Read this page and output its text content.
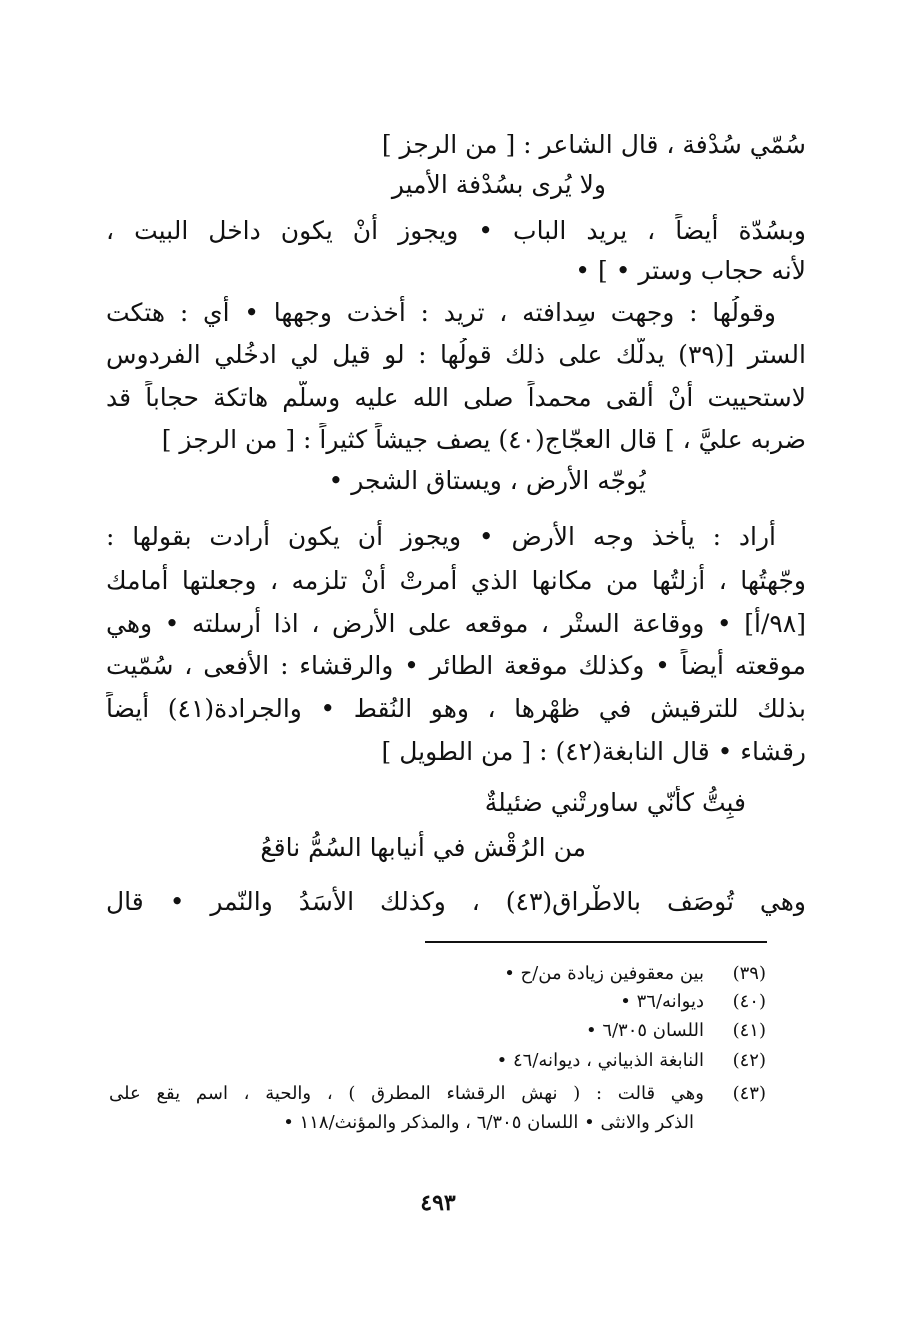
سُمّي سُدْفة ، قال الشاعر : [ من الرجز ]
ولا يُرى بسُدْفة الأمير
وبسُدّة أيضاً ، يريد الباب • ويجوز أنْ يكون داخل البيت ،
لأنه حجاب وستر • ] •
وقولُها : وجهت سِدافته ، تريد : أخذت وجهها • أي : هتكت
الستر [(٣٩) يدلّك على ذلك قولُها : لو قيل لي ادخُلي الفردوس
لاستحييت أنْ ألقى محمداً صلى الله عليه وسلّم هاتكة حجاباً قد
ضربه عليَّ ، ] قال العجّاج(٤٠) يصف جيشاً كثيراً : [ من الرجز ]
يُوجّه الأرض ، ويستاق الشجر •
أراد : يأخذ وجه الأرض • ويجوز أن يكون أرادت بقولها :
وجّهتُها ، أزلتُها من مكانها الذي أُمرتْ أنْ تلزمه ، وجعلتها أمامك
[٩٨/أ] • ووقاعة الستْر ، موقعه على الأرض ، اذا أرسلته • وهي
موقعته أيضاً • وكذلك موقعة الطائر • والرقشاء : الأفعى ، سُمّيت
بذلك للترقيش في ظهْرها ، وهو النُقط • والجرادة(٤١) أيضاً
رقشاء • قال النابغة(٤٢) : [ من الطويل ]
فبِتُّ كأنّي ساورتْني ضئيلةٌ
من الرُقْش في أنيابها السُمُّ ناقعُ
وهي تُوصَف بالاطْراق(٤٣) ، وكذلك الأسَدُ والنّمر • قال
(٣٩)
بين معقوفين زيادة من/ح •
(٤٠)
ديوانه/٣٦ •
(٤١)
اللسان ٦/٣٠٥ •
(٤٢)
النابغة الذبياني ، ديوانه/٤٦ •
(٤٣)
وهي قالت : ( نهش الرقشاء المطرق ) ، والحية ، اسم يقع على
الذكر والانثى • اللسان ٦/٣٠٥ ، والمذكر والمؤنث/١١٨ •
٤٩٣
